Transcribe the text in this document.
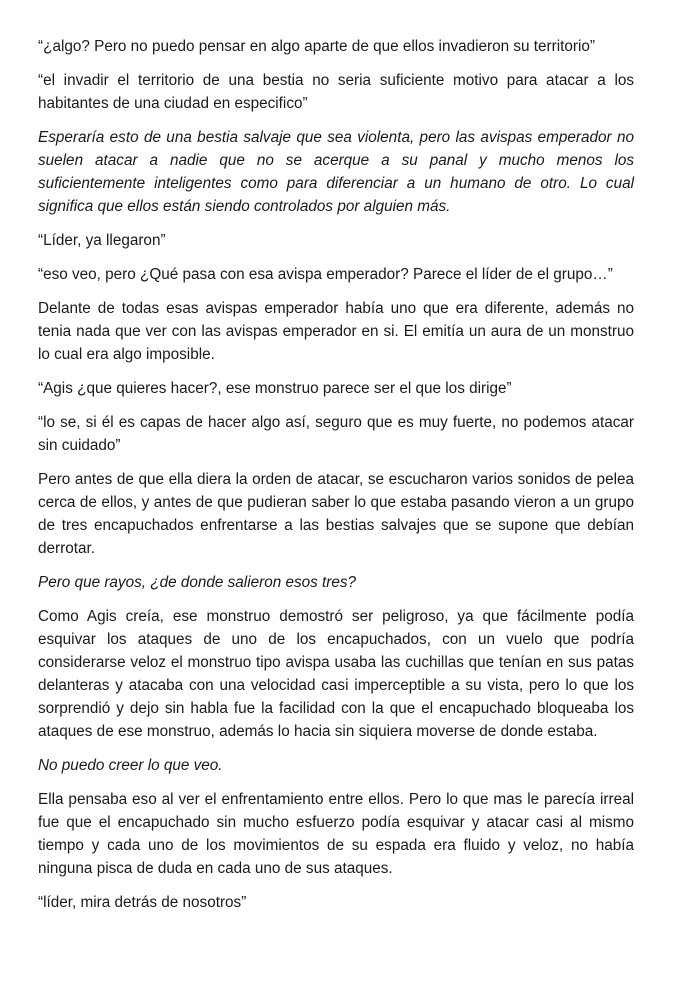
“¿algo? Pero no puedo pensar en algo aparte de que ellos invadieron su territorio”

“el invadir el territorio de una bestia no seria suficiente motivo para atacar a los habitantes de una ciudad en especifico”

Esperaría esto de una bestia salvaje que sea violenta, pero las avispas emperador no suelen atacar a nadie que no se acerque a su panal y mucho menos los suficientemente inteligentes como para diferenciar a un humano de otro. Lo cual significa que ellos están siendo controlados por alguien más.

“Líder, ya llegaron”

“eso veo, pero ¿Qué pasa con esa avispa emperador? Parece el líder de el grupo…”

Delante de todas esas avispas emperador había uno que era diferente, además no tenia nada que ver con las avispas emperador en si. El emitía un aura de un monstruo lo cual era algo imposible.

“Agis ¿que quieres hacer?, ese monstruo parece ser el que los dirige”

“lo se, si él es capas de hacer algo así, seguro que es muy fuerte, no podemos atacar sin cuidado”

Pero antes de que ella diera la orden de atacar, se escucharon varios sonidos de pelea cerca de ellos, y antes de que pudieran saber lo que estaba pasando vieron a un grupo de tres encapuchados enfrentarse a las bestias salvajes que se supone que debían derrotar.

Pero que rayos, ¿de donde salieron esos tres?

Como Agis creía, ese monstruo demostró ser peligroso, ya que fácilmente podía esquivar los ataques de uno de los encapuchados, con un vuelo que podría considerarse veloz el monstruo tipo avispa usaba las cuchillas que tenían en sus patas delanteras y atacaba con una velocidad casi imperceptible a su vista, pero lo que los sorprendió y dejo sin habla fue la facilidad con la que el encapuchado bloqueaba los ataques de ese monstruo, además lo hacia sin siquiera moverse de donde estaba.

No puedo creer lo que veo.

Ella pensaba eso al ver el enfrentamiento entre ellos. Pero lo que mas le parecía irreal fue que el encapuchado sin mucho esfuerzo podía esquivar y atacar casi al mismo tiempo y cada uno de los movimientos de su espada era fluido y veloz, no había ninguna pisca de duda en cada uno de sus ataques.

“líder, mira detrás de nosotros”
